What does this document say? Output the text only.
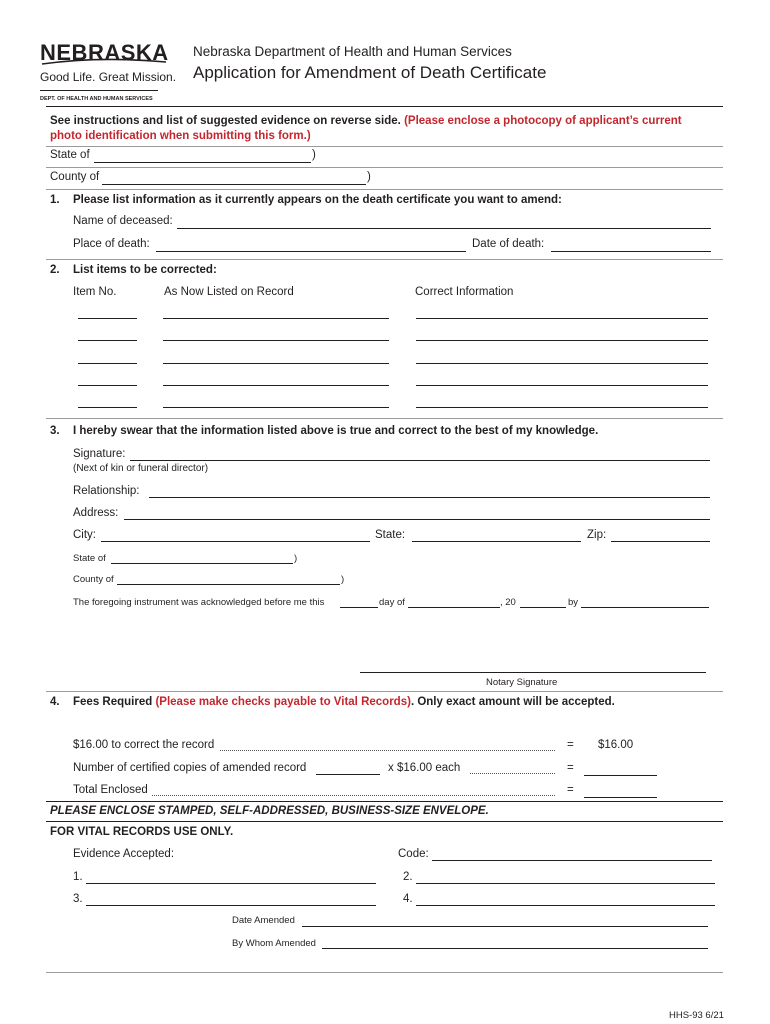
NEBRASKA
Good Life. Great Mission.
DEPT. OF HEALTH AND HUMAN SERVICES
Nebraska Department of Health and Human Services
Application for Amendment of Death Certificate
See instructions and list of suggested evidence on reverse side. (Please enclose a photocopy of applicant’s current
photo identification when submitting this form.)
State of	)
County of	)
1. Please list information as it currently appears on the death certificate you want to amend:
Name of deceased:
Place of death:	Date of death:
2. List items to be corrected:
Item No.	As Now Listed on Record	Correct Information
3. I hereby swear that the information listed above is true and correct to the best of my knowledge.
Signature:
(Next of kin or funeral director)
Relationship:
Address:
City:	State:	Zip:
State of	)
County of	)
The foregoing instrument was acknowledged before me this	day of	, 20	by
Notary Signature
4. Fees Required (Please make checks payable to Vital Records). Only exact amount will be accepted.
$16.00 to correct the record	= $16.00
Number of certified copies of amended record	x $16.00 each	=
Total Enclosed	=
PLEASE ENCLOSE STAMPED, SELF-ADDRESSED, BUSINESS-SIZE ENVELOPE.
FOR VITAL RECORDS USE ONLY.
Evidence Accepted:	Code:
1.	2.
3.	4.
Date Amended
By Whom Amended
HHS-93 6/21
